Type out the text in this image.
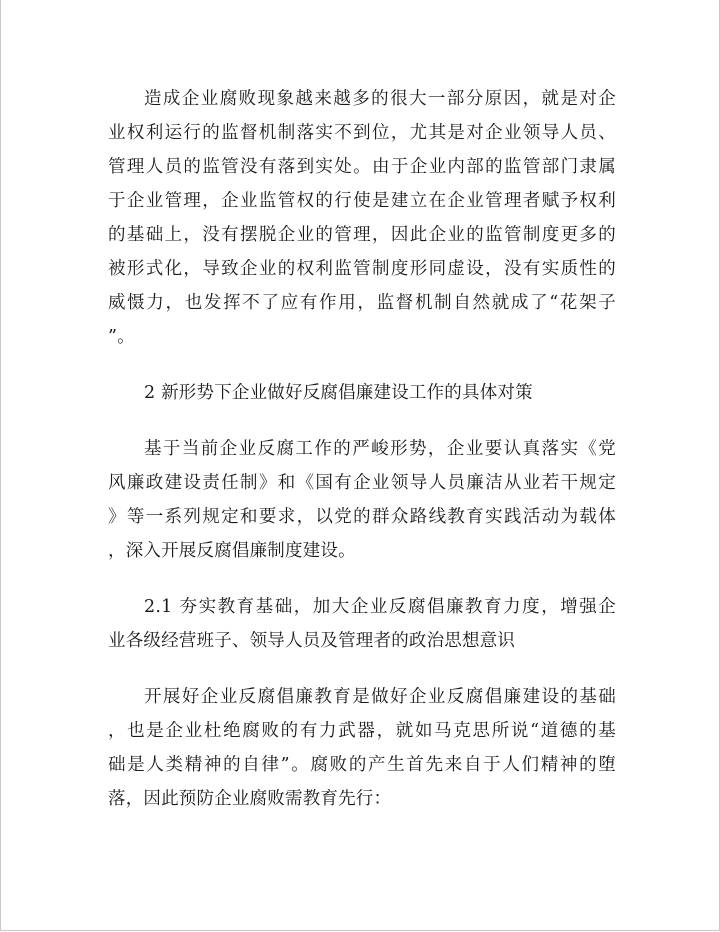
造成企业腐败现象越来越多的很大一部分原因，就是对企
业权利运行的监督机制落实不到位，尤其是对企业领导人员、
管理人员的监管没有落到实处。由于企业内部的监管部门隶属
于企业管理，企业监管权的行使是建立在企业管理者赋予权利
的基础上，没有摆脱企业的管理，因此企业的监管制度更多的
被形式化，导致企业的权利监管制度形同虚设，没有实质性的
威慑力，也发挥不了应有作用，监督机制自然就成了“花架子
”。
2 新形势下企业做好反腐倡廉建设工作的具体对策
基于当前企业反腐工作的严峻形势，企业要认真落实《党
风廉政建设责任制》和《国有企业领导人员廉洁从业若干规定
》等一系列规定和要求，以党的群众路线教育实践活动为载体
，深入开展反腐倡廉制度建设。
2.1 夯实教育基础，加大企业反腐倡廉教育力度，增强企
业各级经营班子、领导人员及管理者的政治思想意识
开展好企业反腐倡廉教育是做好企业反腐倡廉建设的基础
，也是企业杜绝腐败的有力武器，就如马克思所说“道德的基
础是人类精神的自律”。腐败的产生首先来自于人们精神的堕
落，因此预防企业腐败需教育先行：
